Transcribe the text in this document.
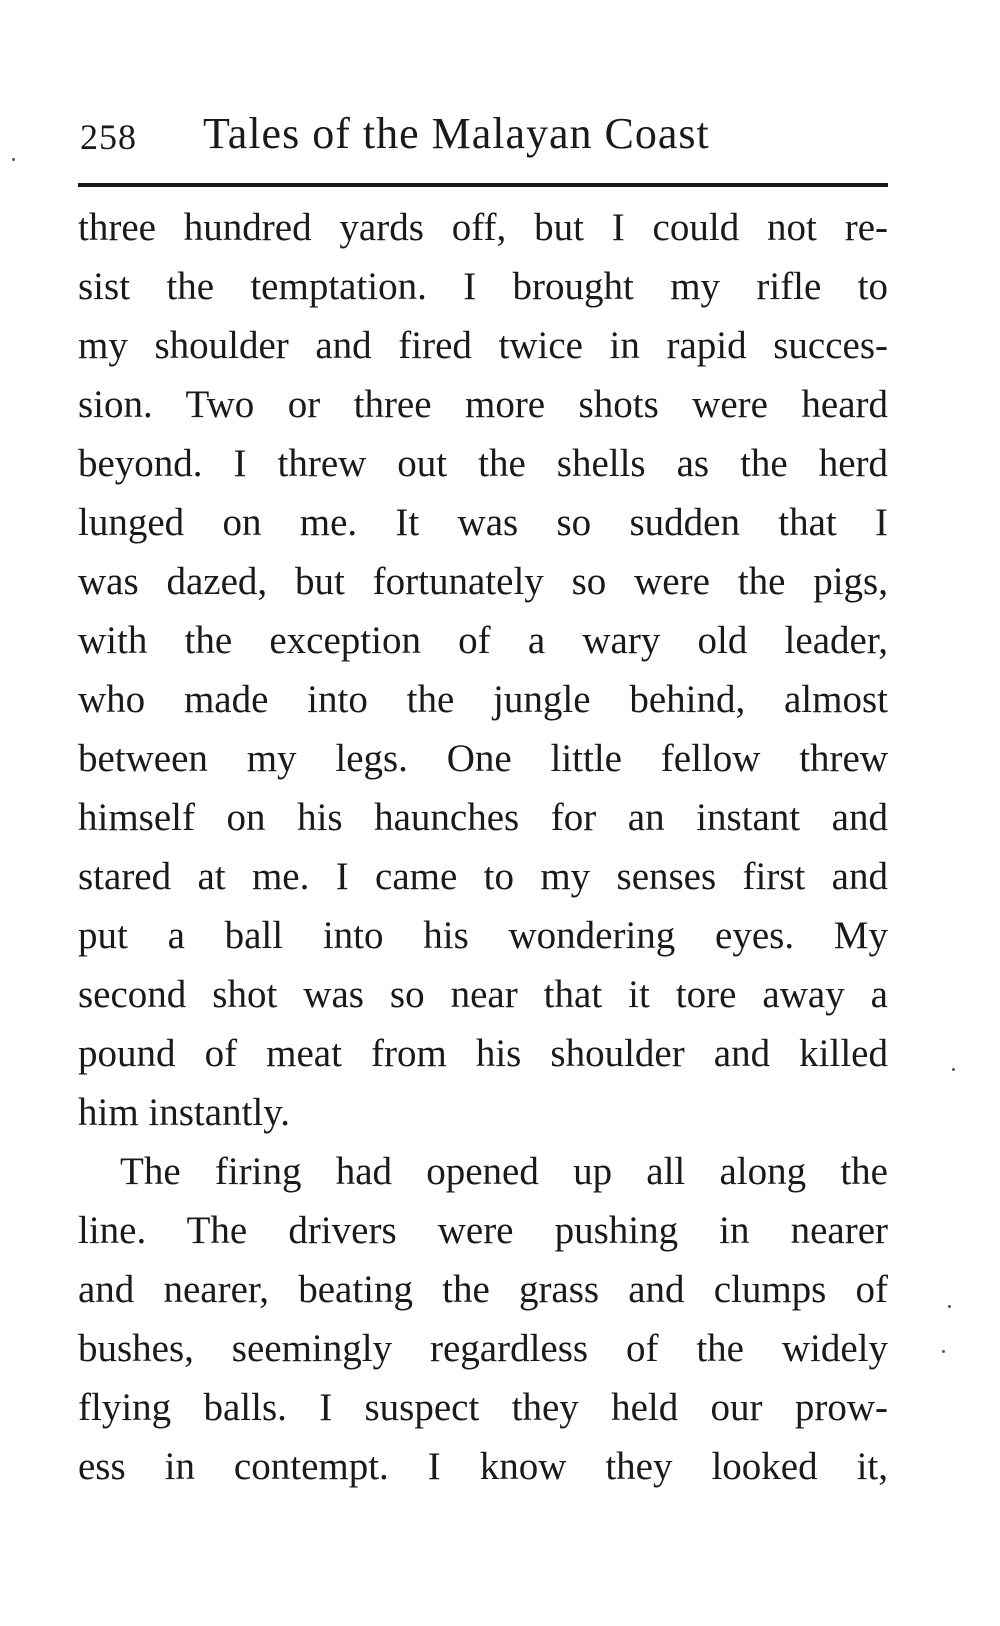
258 Tales of the Malayan Coast
three hundred yards off, but I could not re-
sist the temptation. I brought my rifle to
my shoulder and fired twice in rapid succes-
sion. Two or three more shots were heard
beyond. I threw out the shells as the herd
lunged on me. It was so sudden that I
was dazed, but fortunately so were the pigs,
with the exception of a wary old leader,
who made into the jungle behind, almost
between my legs. One little fellow threw
himself on his haunches for an instant and
stared at me. I came to my senses first and
put a ball into his wondering eyes. My
second shot was so near that it tore away a
pound of meat from his shoulder and killed
him instantly.
The firing had opened up all along the
line. The drivers were pushing in nearer
and nearer, beating the grass and clumps of
bushes, seemingly regardless of the widely
flying balls. I suspect they held our prow-
ess in contempt. I know they looked it,
